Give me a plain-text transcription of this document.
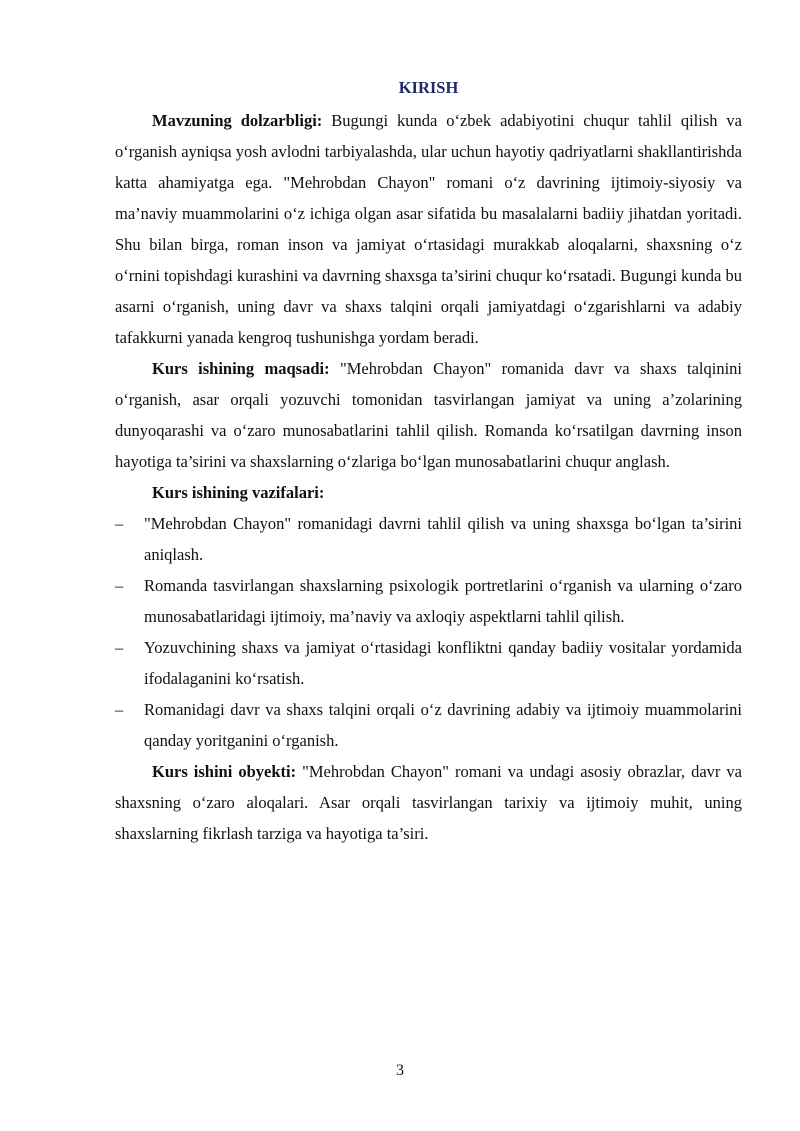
KIRISH

Mavzuning dolzarbligi: Bugungi kunda o‘zbek adabiyotini chuqur tahlil qilish va o‘rganish ayniqsa yosh avlodni tarbiyalashda, ular uchun hayotiy qadriyatlarni shakllantirishda katta ahamiyatga ega. "Mehrobdan Chayon" romani o‘z davrining ijtimoiy-siyosiy va ma’naviy muammolarini o‘z ichiga olgan asar sifatida bu masalalarni badiiy jihatdan yoritadi. Shu bilan birga, roman inson va jamiyat o‘rtasidagi murakkab aloqalarni, shaxsning o‘z o‘rnini topishdagi kurashini va davrning shaxsga ta’sirini chuqur ko‘rsatadi. Bugungi kunda bu asarni o‘rganish, uning davr va shaxs talqini orqali jamiyatdagi o‘zgarishlarni va adabiy tafakkurni yanada kengroq tushunishga yordam beradi.

Kurs ishining maqsadi: "Mehrobdan Chayon" romanida davr va shaxs talqinini o‘rganish, asar orqali yozuvchi tomonidan tasvirlangan jamiyat va uning a’zolarining dunyoqarashi va o‘zaro munosabatlarini tahlil qilish. Romanda ko‘rsatilgan davrning inson hayotiga ta’sirini va shaxslarning o‘zlariga bo‘lgan munosabatlarini chuqur anglash.

Kurs ishining vazifalari:

– "Mehrobdan Chayon" romanidagi davrni tahlil qilish va uning shaxsga bo‘lgan ta’sirini aniqlash.
– Romanda tasvirlangan shaxslarning psixologik portretlarini o‘rganish va ularning o‘zaro munosabatlaridagi ijtimoiy, ma’naviy va axloqiy aspektlarni tahlil qilish.
– Yozuvchining shaxs va jamiyat o‘rtasidagi konfliktni qanday badiiy vositalar yordamida ifodalaganini ko‘rsatish.
– Romanidagi davr va shaxs talqini orqali o‘z davrining adabiy va ijtimoiy muammolarini qanday yoritganini o‘rganish.

Kurs ishini obyekti: "Mehrobdan Chayon" romani va undagi asosiy obrazlar, davr va shaxsning o‘zaro aloqalari. Asar orqali tasvirlangan tarixiy va ijtimoiy muhit, uning shaxslarning fikrlash tarziga va hayotiga ta’siri.

3
